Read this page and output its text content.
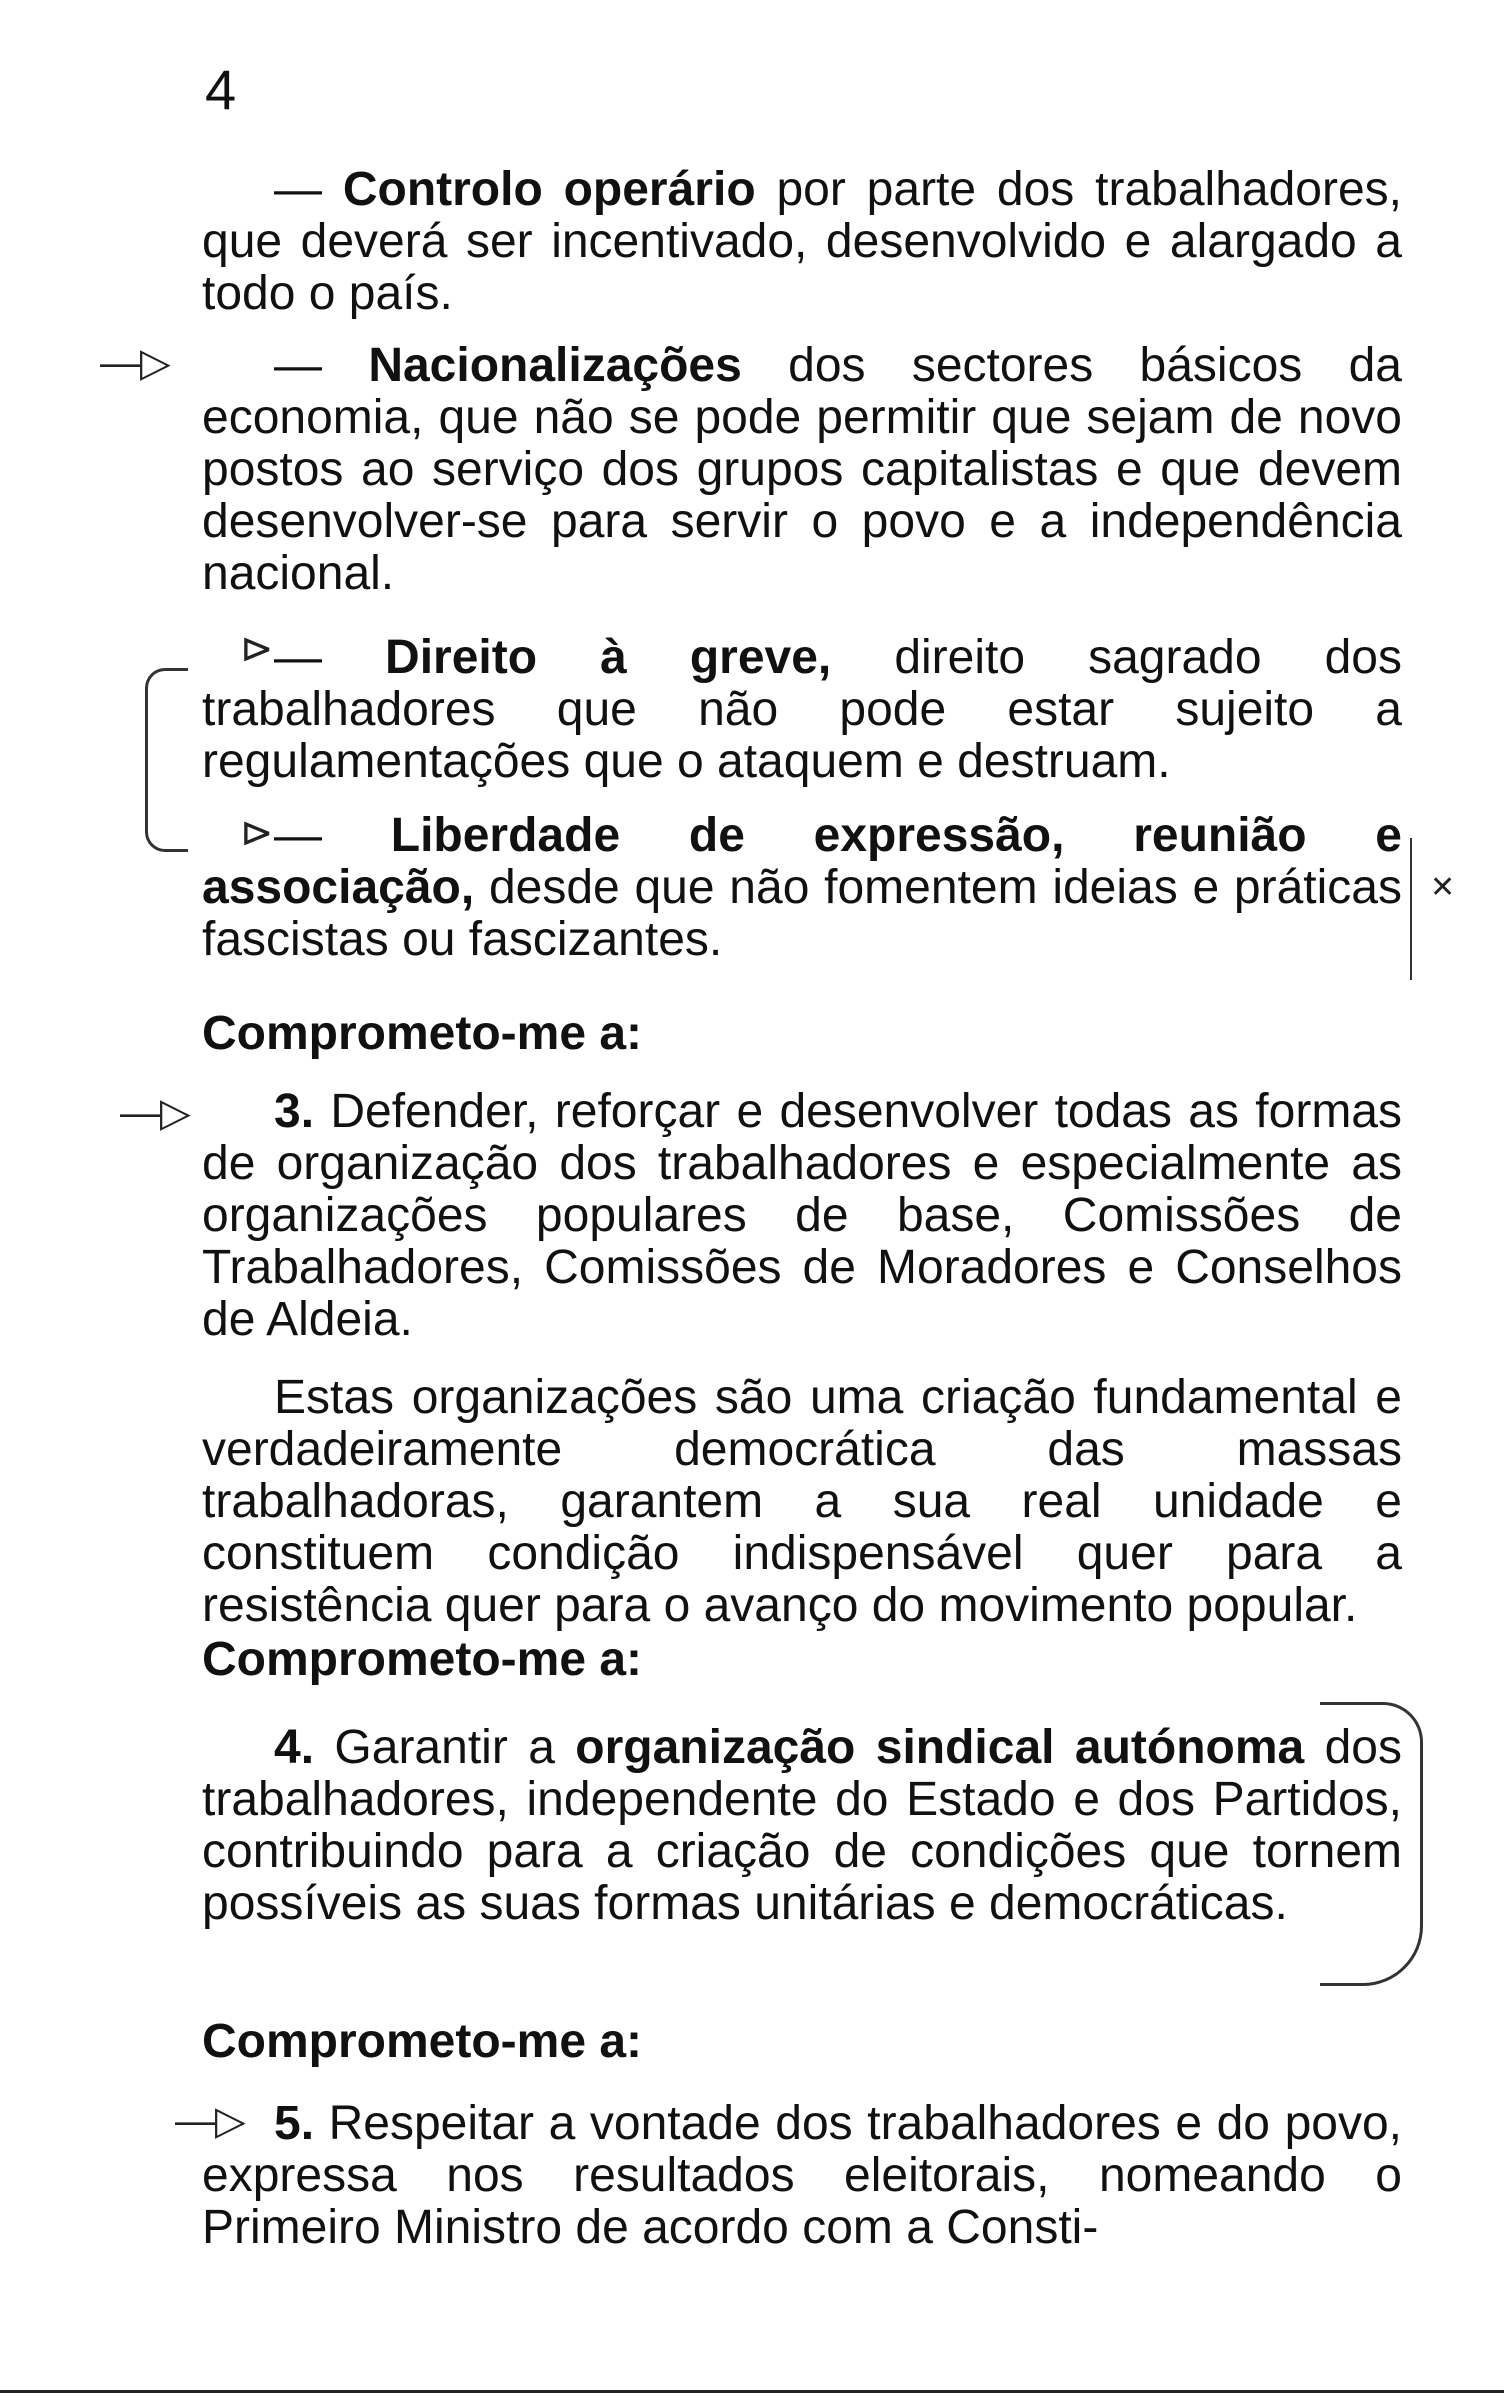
4
— Controlo operário por parte dos trabalhadores, que deverá ser incentivado, desenvolvido e alargado a todo o país.
— Nacionalizações dos sectores básicos da economia, que não se pode permitir que sejam de novo postos ao serviço dos grupos capitalistas e que devem desenvolver-se para servir o povo e a independência nacional.
— Direito à greve, direito sagrado dos trabalhadores que não pode estar sujeito a regulamentações que o ataquem e destruam.
— Liberdade de expressão, reunião e associação, desde que não fomentem ideias e práticas fascistas ou fascizantes.
Comprometo-me a:
3. Defender, reforçar e desenvolver todas as formas de organização dos trabalhadores e especialmente as organizações populares de base, Comissões de Trabalhadores, Comissões de Moradores e Conselhos de Aldeia.
Estas organizações são uma criação fundamental e verdadeiramente democrática das massas trabalhadoras, garantem a sua real unidade e constituem condição indispensável quer para a resistência quer para o avanço do movimento popular.
Comprometo-me a:
4. Garantir a organização sindical autónoma dos trabalhadores, independente do Estado e dos Partidos, contribuindo para a criação de condições que tornem possíveis as suas formas unitárias e democráticas.
Comprometo-me a:
5. Respeitar a vontade dos trabalhadores e do povo, expressa nos resultados eleitorais, nomeando o Primeiro Ministro de acordo com a Consti-
—▷
—▷
⊳
⊳
—▷
✕
